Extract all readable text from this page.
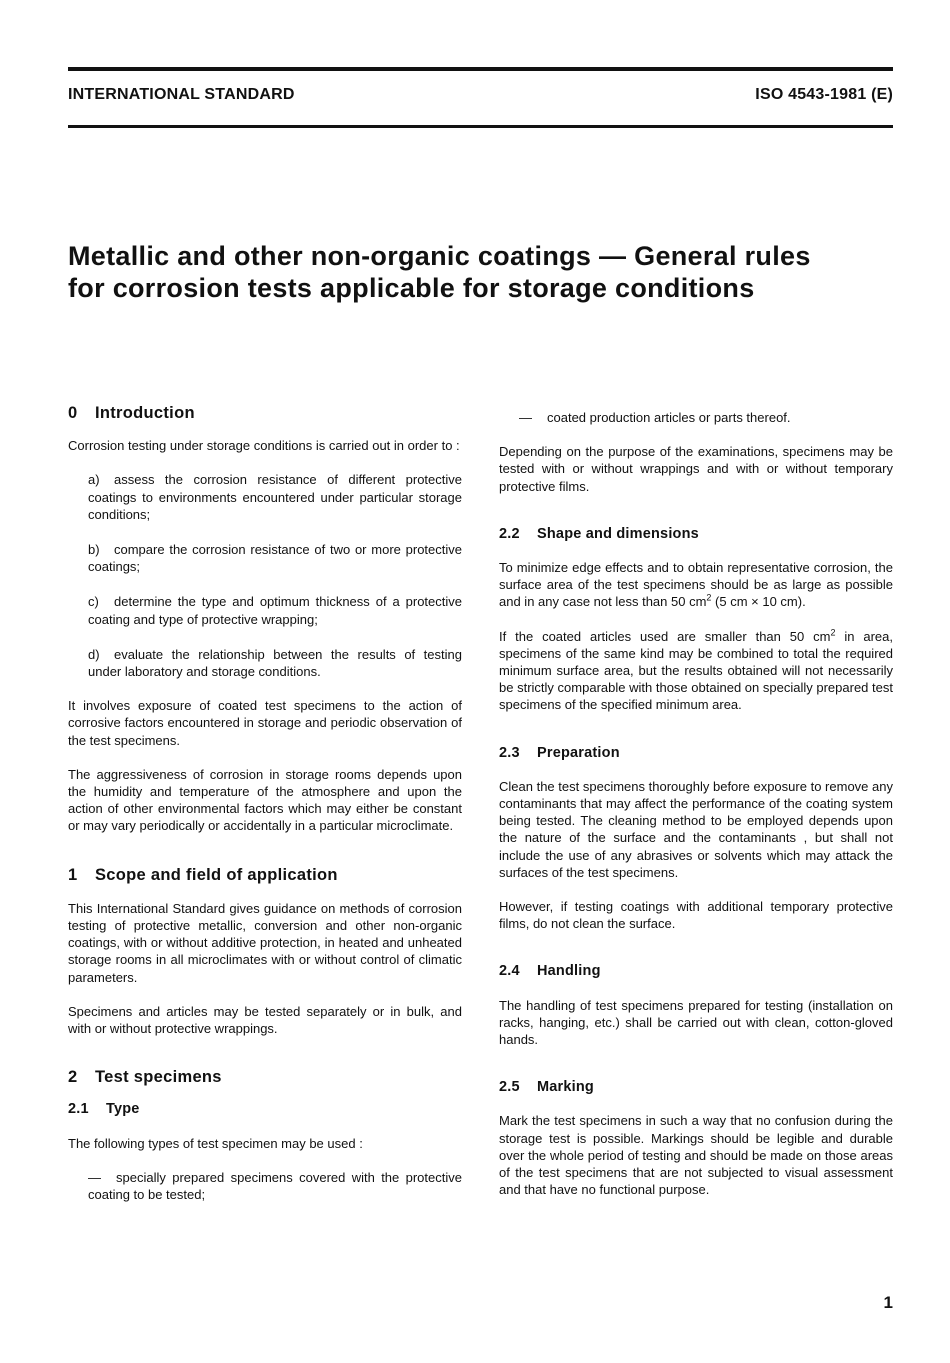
INTERNATIONAL STANDARD	ISO 4543-1981 (E)
Metallic and other non-organic coatings — General rules
for corrosion tests applicable for storage conditions
0 Introduction

Corrosion testing under storage conditions is carried out in order to :

a) assess the corrosion resistance of different protective coatings to environments encountered under particular storage conditions;
b) compare the corrosion resistance of two or more protective coatings;
c) determine the type and optimum thickness of a protective coating and type of protective wrapping;
d) evaluate the relationship between the results of testing under laboratory and storage conditions.

It involves exposure of coated test specimens to the action of corrosive factors encountered in storage and periodic observation of the test specimens.

The aggressiveness of corrosion in storage rooms depends upon the humidity and temperature of the atmosphere and upon the action of other environmental factors which may either be constant or may vary periodically or accidentally in a particular microclimate.

1 Scope and field of application

This International Standard gives guidance on methods of corrosion testing of protective metallic, conversion and other non-organic coatings, with or without additive protection, in heated and unheated storage rooms in all microclimates with or without control of climatic parameters.

Specimens and articles may be tested separately or in bulk, and with or without protective wrappings.

2 Test specimens
2.1 Type

The following types of test specimen may be used :

— specially prepared specimens covered with the protective coating to be tested;
— coated production articles or parts thereof.

Depending on the purpose of the examinations, specimens may be tested with or without wrappings and with or without temporary protective films.

2.2 Shape and dimensions

To minimize edge effects and to obtain representative corrosion, the surface area of the test specimens should be as large as possible and in any case not less than 50 $cm^2$ (5 cm × 10 cm).

If the coated articles used are smaller than 50 $cm^2$ in area, specimens of the same kind may be combined to total the required minimum surface area, but the results obtained will not necessarily be strictly comparable with those obtained on specially prepared test specimens of the specified minimum area.

2.3 Preparation

Clean the test specimens thoroughly before exposure to remove any contaminants that may affect the performance of the coating system being tested. The cleaning method to be employed depends upon the nature of the surface and the contaminants , but shall not include the use of any abrasives or solvents which may attack the surfaces of the test specimens.

However, if testing coatings with additional temporary protective films, do not clean the surface.

2.4 Handling

The handling of test specimens prepared for testing (installation on racks, hanging, etc.) shall be carried out with clean, cotton-gloved hands.

2.5 Marking

Mark the test specimens in such a way that no confusion during the storage test is possible. Markings should be legible and durable over the whole period of testing and should be made on those areas of the test specimens that are not subjected to visual assessment and that have no functional purpose.

1
